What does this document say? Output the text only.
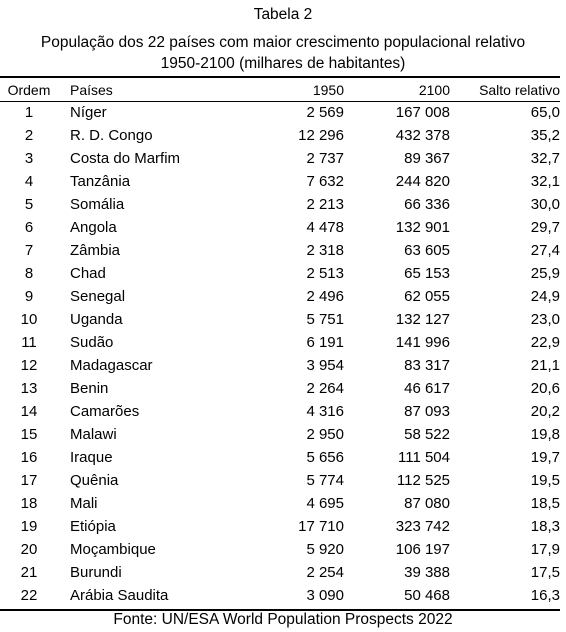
Tabela 2
População dos 22 países com maior crescimento populacional relativo
1950-2100 (milhares de habitantes)
Ordem	Países	1950	2100	Salto relativo
1	Níger	2 569	167 008	65,0
2	R. D. Congo	12 296	432 378	35,2
3	Costa do Marfim	2 737	89 367	32,7
4	Tanzânia	7 632	244 820	32,1
5	Somália	2 213	66 336	30,0
6	Angola	4 478	132 901	29,7
7	Zâmbia	2 318	63 605	27,4
8	Chad	2 513	65 153	25,9
9	Senegal	2 496	62 055	24,9
10	Uganda	5 751	132 127	23,0
11	Sudão	6 191	141 996	22,9
12	Madagascar	3 954	83 317	21,1
13	Benin	2 264	46 617	20,6
14	Camarões	4 316	87 093	20,2
15	Malawi	2 950	58 522	19,8
16	Iraque	5 656	111 504	19,7
17	Quênia	5 774	112 525	19,5
18	Mali	4 695	87 080	18,5
19	Etiópia	17 710	323 742	18,3
20	Moçambique	5 920	106 197	17,9
21	Burundi	2 254	39 388	17,5
22	Arábia Saudita	3 090	50 468	16,3
Fonte: UN/ESA World Population Prospects 2022
